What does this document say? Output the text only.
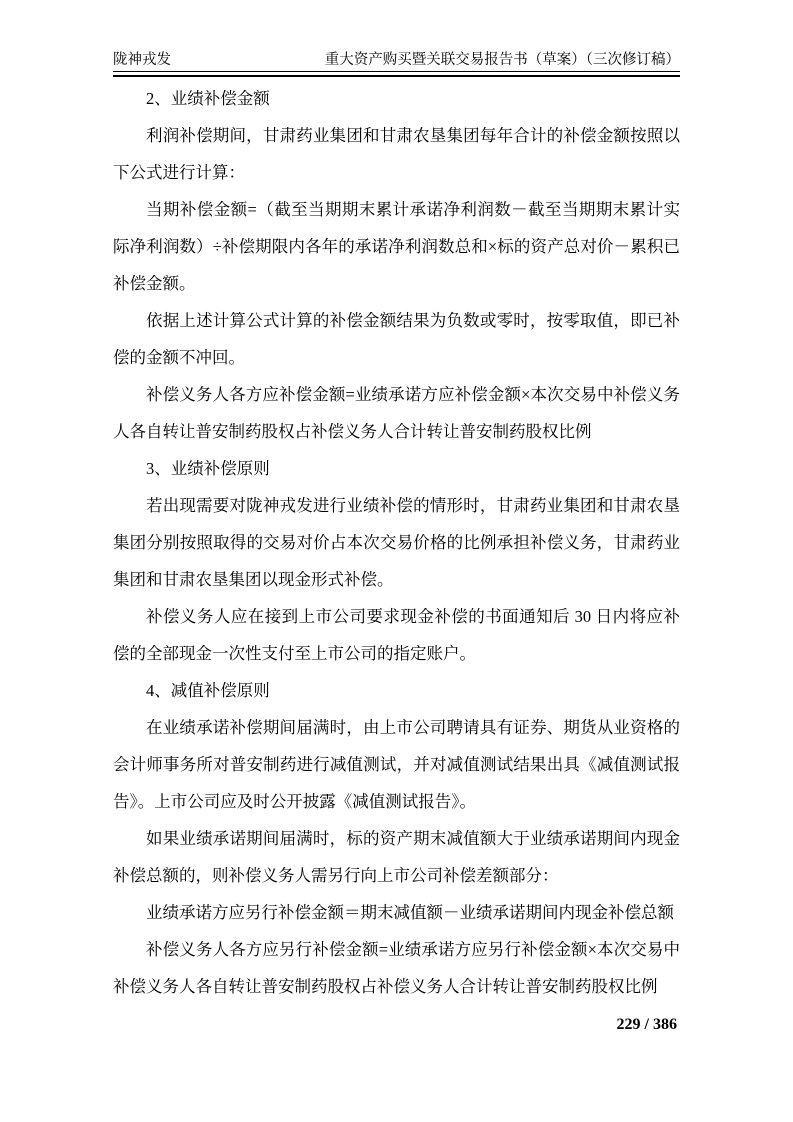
陇神戎发	重大资产购买暨关联交易报告书（草案）（三次修订稿）

2、业绩补偿金额

利润补偿期间，甘肃药业集团和甘肃农垦集团每年合计的补偿金额按照以下公式进行计算：

当期补偿金额=（截至当期期末累计承诺净利润数－截至当期期末累计实际净利润数）÷补偿期限内各年的承诺净利润数总和×标的资产总对价－累积已补偿金额。

依据上述计算公式计算的补偿金额结果为负数或零时，按零取值，即已补偿的金额不冲回。

补偿义务人各方应补偿金额=业绩承诺方应补偿金额×本次交易中补偿义务人各自转让普安制药股权占补偿义务人合计转让普安制药股权比例

3、业绩补偿原则

若出现需要对陇神戎发进行业绩补偿的情形时，甘肃药业集团和甘肃农垦集团分别按照取得的交易对价占本次交易价格的比例承担补偿义务，甘肃药业集团和甘肃农垦集团以现金形式补偿。

补偿义务人应在接到上市公司要求现金补偿的书面通知后 30 日内将应补偿的全部现金一次性支付至上市公司的指定账户。

4、减值补偿原则

在业绩承诺补偿期间届满时，由上市公司聘请具有证券、期货从业资格的会计师事务所对普安制药进行减值测试，并对减值测试结果出具《减值测试报告》。上市公司应及时公开披露《减值测试报告》。

如果业绩承诺期间届满时，标的资产期末减值额大于业绩承诺期间内现金补偿总额的，则补偿义务人需另行向上市公司补偿差额部分：

业绩承诺方应另行补偿金额＝期末减值额－业绩承诺期间内现金补偿总额

补偿义务人各方应另行补偿金额=业绩承诺方应另行补偿金额×本次交易中补偿义务人各自转让普安制药股权占补偿义务人合计转让普安制药股权比例

229 / 386
